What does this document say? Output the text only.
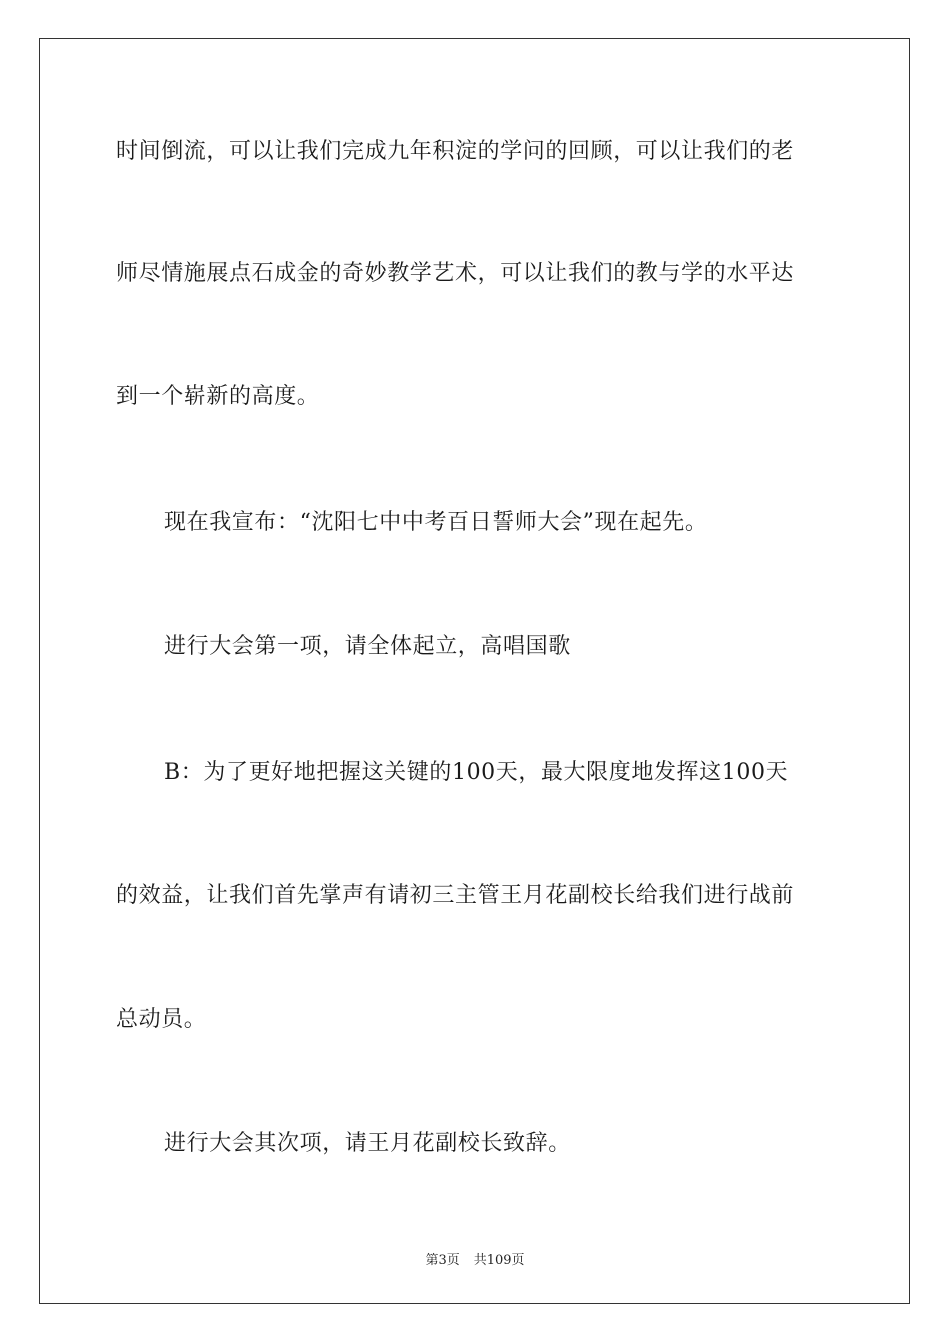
时间倒流，可以让我们完成九年积淀的学问的回顾，可以让我们的老
师尽情施展点石成金的奇妙教学艺术，可以让我们的教与学的水平达
到一个崭新的高度。
现在我宣布：“沈阳七中中考百日誓师大会”现在起先。
进行大会第一项，请全体起立，高唱国歌
B：为了更好地把握这关键的100天，最大限度地发挥这100天
的效益，让我们首先掌声有请初三主管王月花副校长给我们进行战前
总动员。
进行大会其次项，请王月花副校长致辞。
第3页 共109页
